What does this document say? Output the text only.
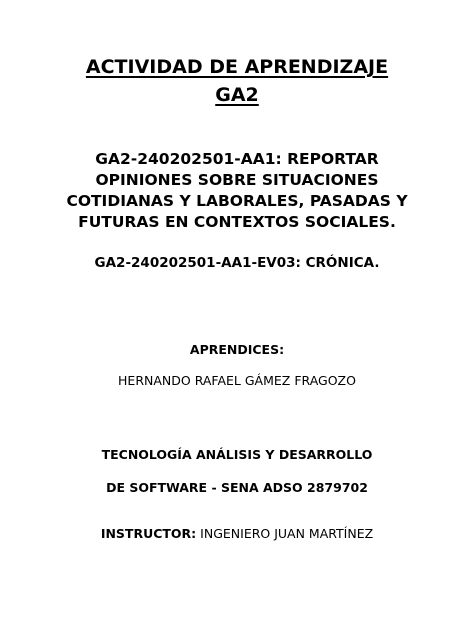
ACTIVIDAD DE APRENDIZAJE
GA2
GA2-240202501-AA1: REPORTAR
OPINIONES SOBRE SITUACIONES
COTIDIANAS Y LABORALES, PASADAS Y
FUTURAS EN CONTEXTOS SOCIALES.
GA2-240202501-AA1-EV03: CRÓNICA.
APRENDICES:
HERNANDO RAFAEL GÁMEZ FRAGOZO
TECNOLOGÍA ANÁLISIS Y DESARROLLO
DE SOFTWARE - SENA ADSO 2879702
INSTRUCTOR: INGENIERO JUAN MARTÍNEZ
